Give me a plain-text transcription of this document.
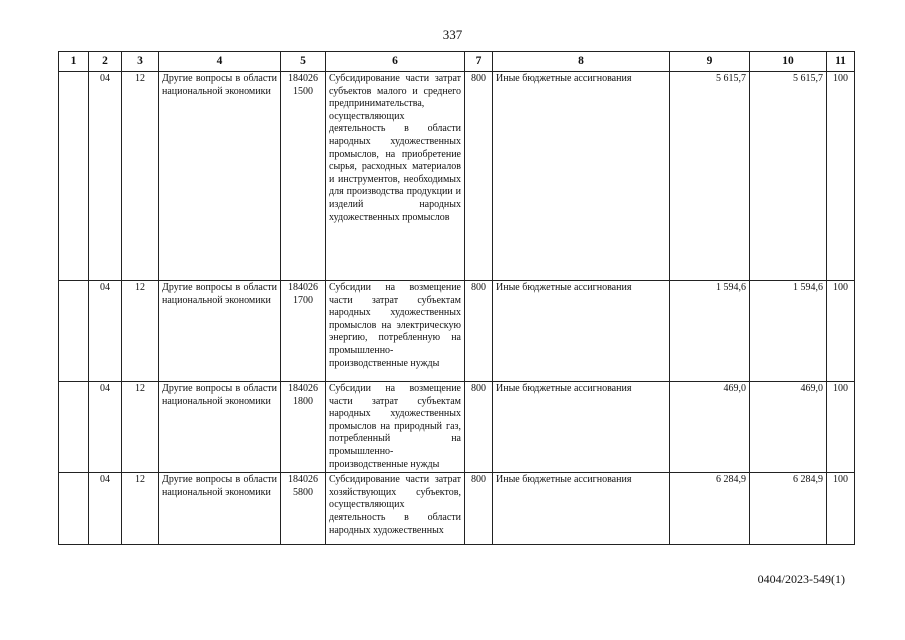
337
1	2	3	4	5	6	7	8	9	10	11
	04	12	Другие вопросы в области национальной экономики	184026 1500	Субсидирование части затрат субъектов малого и среднего предпринимательства, осуществляющих деятельность в области народных художественных промыслов, на приобретение сырья, расходных материалов и инструментов, необходимых для производства продукции и изделий народных художественных промыслов	800	Иные бюджетные ассигнования	5 615,7	5 615,7	100
	04	12	Другие вопросы в области национальной экономики	184026 1700	Субсидии на возмещение части затрат субъектам народных художественных промыслов на электрическую энергию, потребленную на промышленно-производственные нужды	800	Иные бюджетные ассигнования	1 594,6	1 594,6	100
	04	12	Другие вопросы в области национальной экономики	184026 1800	Субсидии на возмещение части затрат субъектам народных художественных промыслов на природный газ, потребленный на промышленно-производственные нужды	800	Иные бюджетные ассигнования	469,0	469,0	100
	04	12	Другие вопросы в области национальной экономики	184026 5800	Субсидирование части затрат хозяйствующих субъектов, осуществляющих деятельность в области народных художественных	800	Иные бюджетные ассигнования	6 284,9	6 284,9	100
0404/2023-549(1)
